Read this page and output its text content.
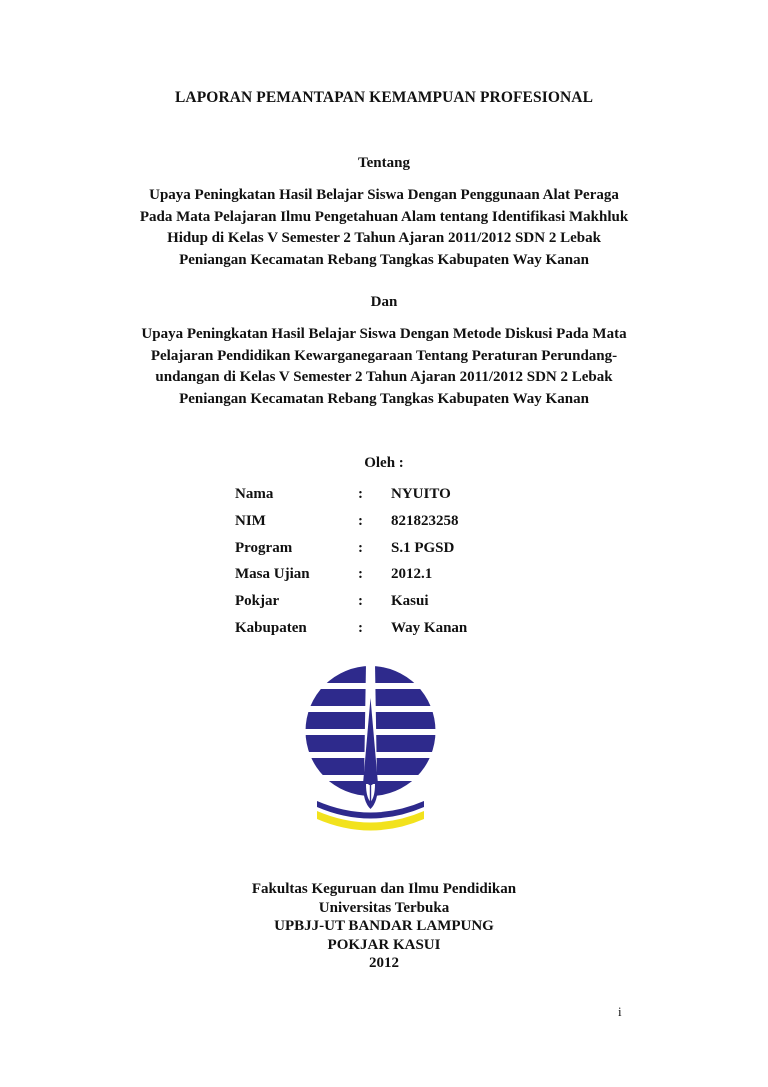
LAPORAN PEMANTAPAN KEMAMPUAN PROFESIONAL
Tentang
Upaya Peningkatan Hasil Belajar Siswa Dengan Penggunaan Alat Peraga
Pada Mata Pelajaran Ilmu Pengetahuan Alam tentang Identifikasi Makhluk
Hidup di Kelas V Semester 2 Tahun Ajaran 2011/2012 SDN 2 Lebak
Peniangan Kecamatan Rebang Tangkas Kabupaten Way Kanan
Dan
Upaya Peningkatan Hasil Belajar Siswa Dengan Metode Diskusi Pada Mata
Pelajaran Pendidikan Kewarganegaraan Tentang Peraturan Perundang-
undangan di Kelas V Semester 2 Tahun Ajaran 2011/2012 SDN 2 Lebak
Peniangan Kecamatan Rebang Tangkas Kabupaten Way Kanan
Oleh :
Nama	: NYUITO
NIM	: 821823258
Program	: S.1 PGSD
Masa Ujian	: 2012.1
Pokjar	: Kasui
Kabupaten	: Way Kanan
Fakultas Keguruan dan Ilmu Pendidikan
Universitas Terbuka
UPBJJ-UT BANDAR LAMPUNG
POKJAR KASUI
2012
i
